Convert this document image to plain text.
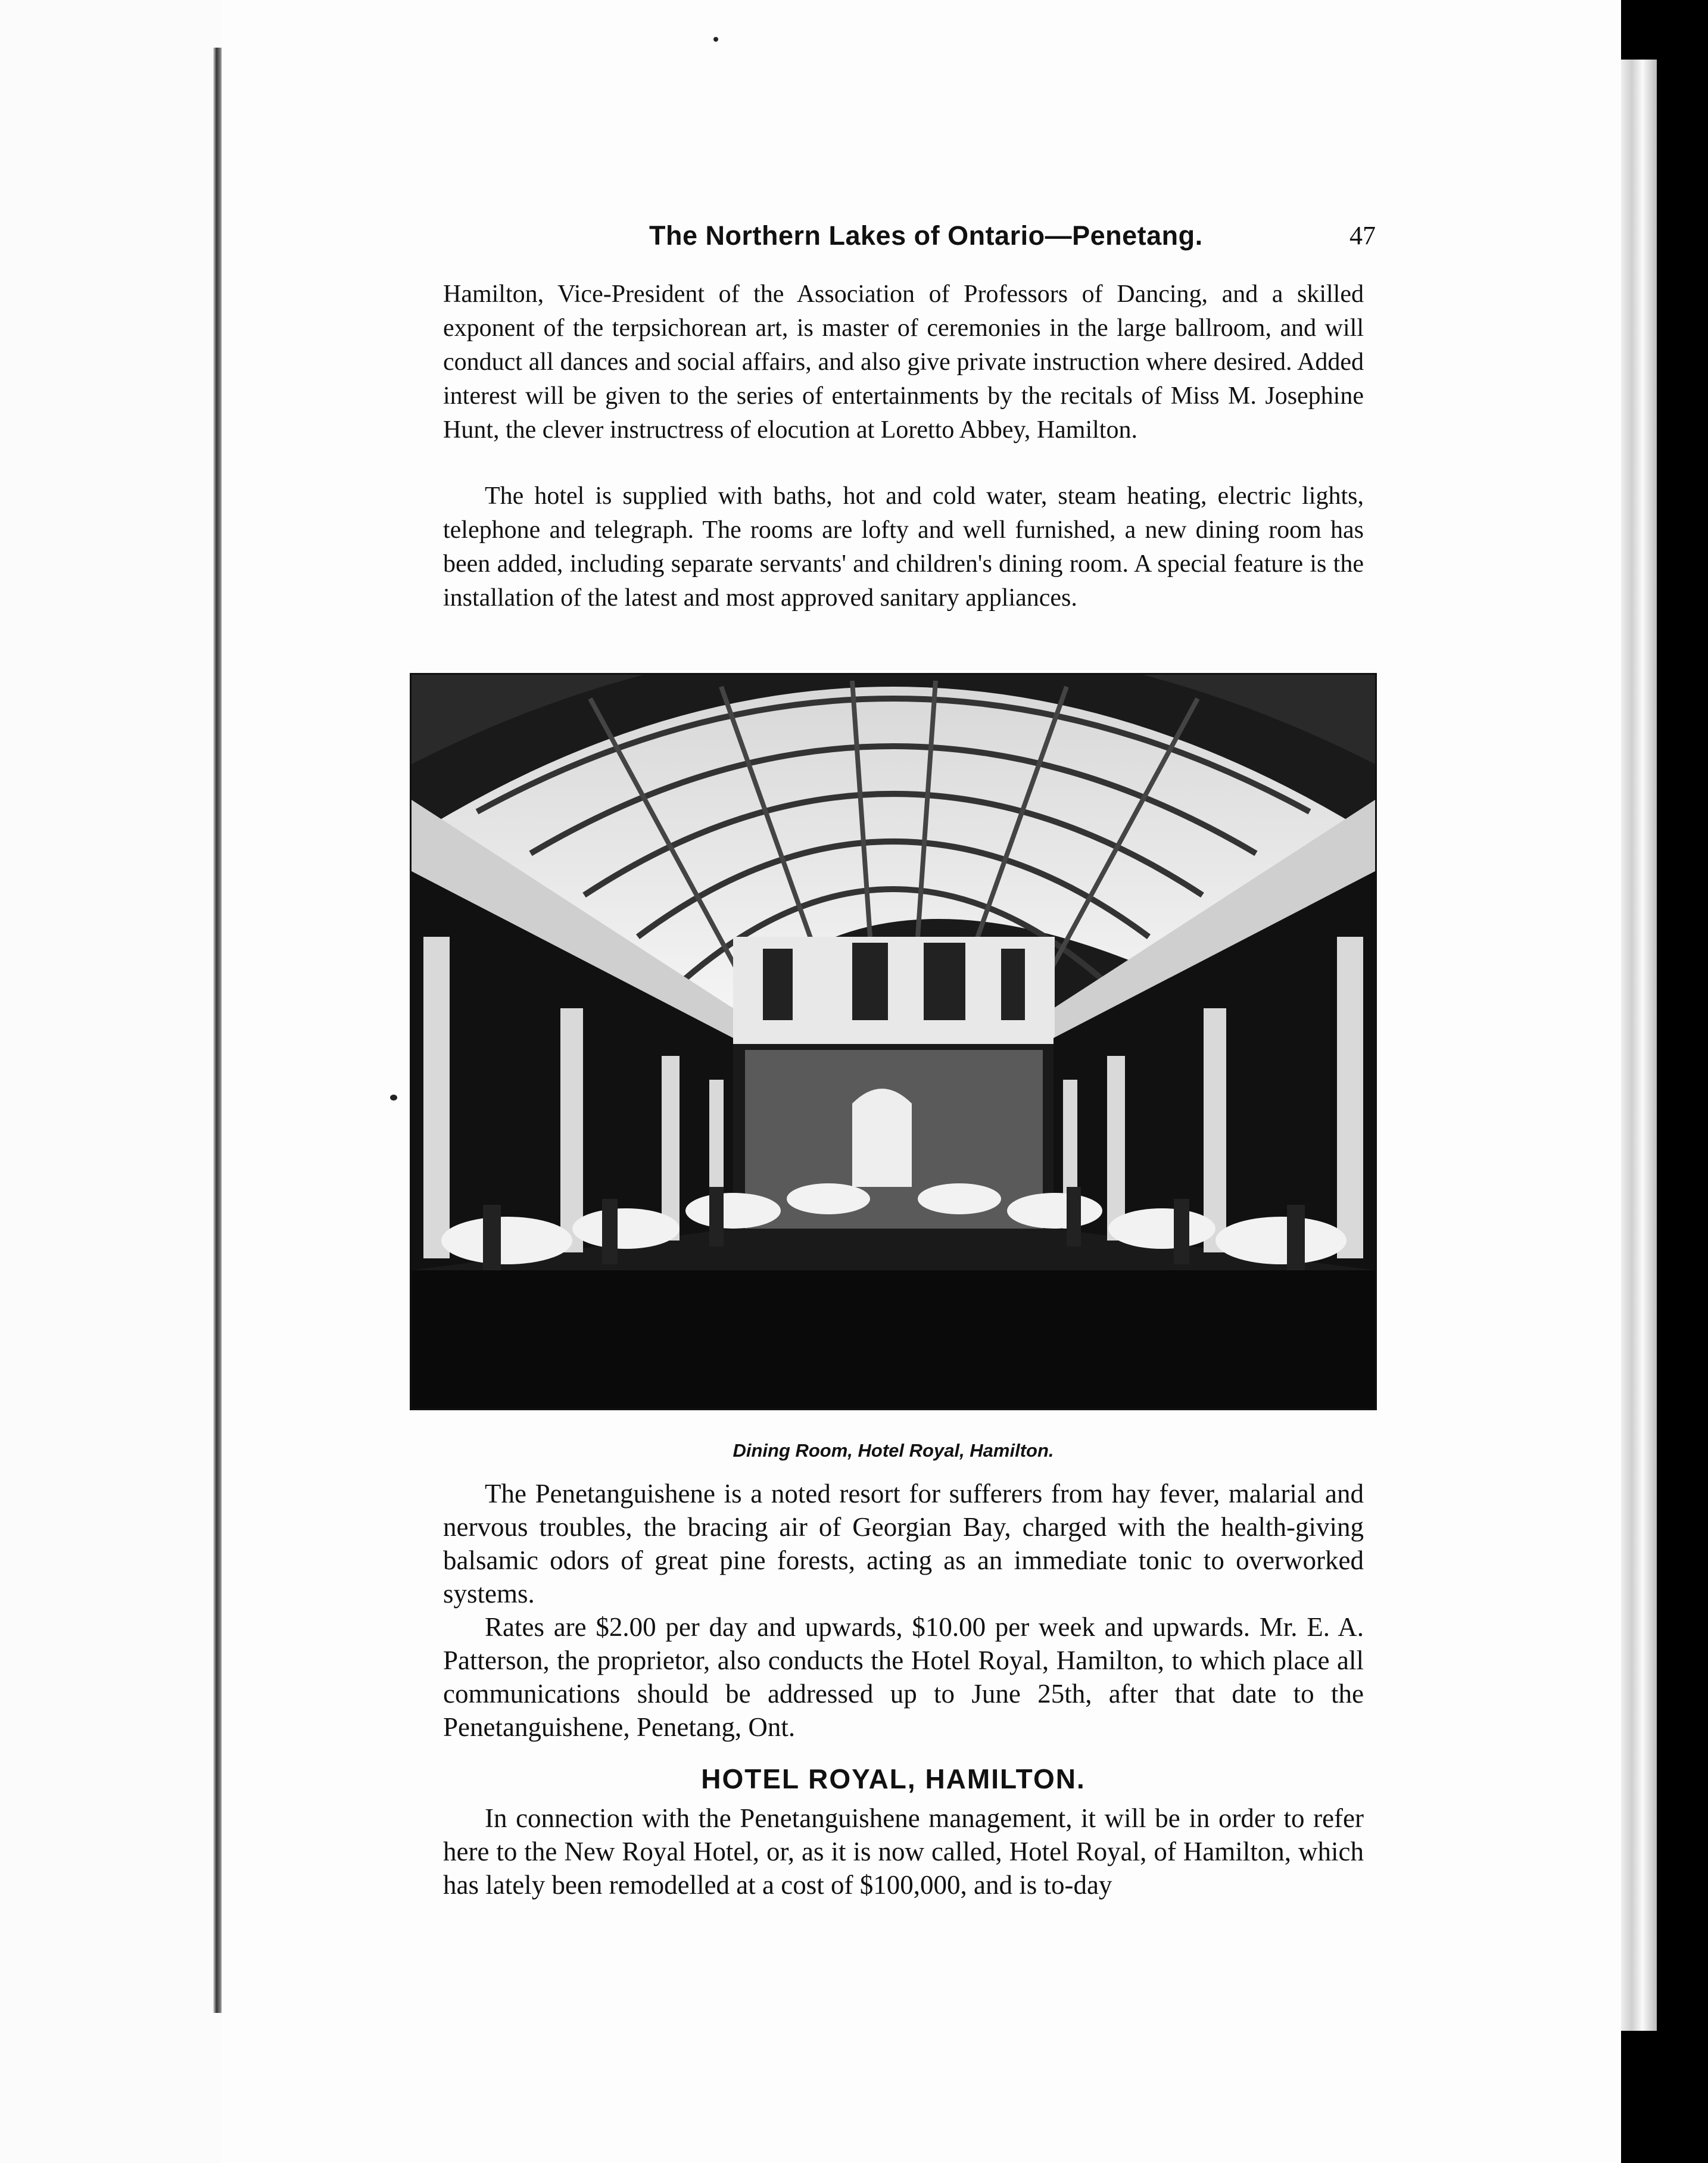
The Northern Lakes of Ontario—Penetang.	47

Hamilton, Vice-President of the Association of Professors of Dancing, and a skilled exponent of the terpsichorean art, is master of ceremonies in the large ballroom, and will conduct all dances and social affairs, and also give private instruction where desired. Added interest will be given to the series of entertainments by the recitals of Miss M. Josephine Hunt, the clever instructress of elocution at Loretto Abbey, Hamilton.

The hotel is supplied with baths, hot and cold water, steam heating, electric lights, telephone and telegraph. The rooms are lofty and well furnished, a new dining room has been added, including separate servants' and children's dining room. A special feature is the installation of the latest and most approved sanitary appliances.

Dining Room, Hotel Royal, Hamilton.

The Penetanguishene is a noted resort for sufferers from hay fever, malarial and nervous troubles, the bracing air of Georgian Bay, charged with the health-giving balsamic odors of great pine forests, acting as an immediate tonic to overworked systems.

Rates are $2.00 per day and upwards, $10.00 per week and upwards. Mr. E. A. Patterson, the proprietor, also conducts the Hotel Royal, Hamilton, to which place all communications should be addressed up to June 25th, after that date to the Penetanguishene, Penetang, Ont.

HOTEL ROYAL, HAMILTON.

In connection with the Penetanguishene management, it will be in order to refer here to the New Royal Hotel, or, as it is now called, Hotel Royal, of Hamilton, which has lately been remodelled at a cost of $100,000, and is to-day
